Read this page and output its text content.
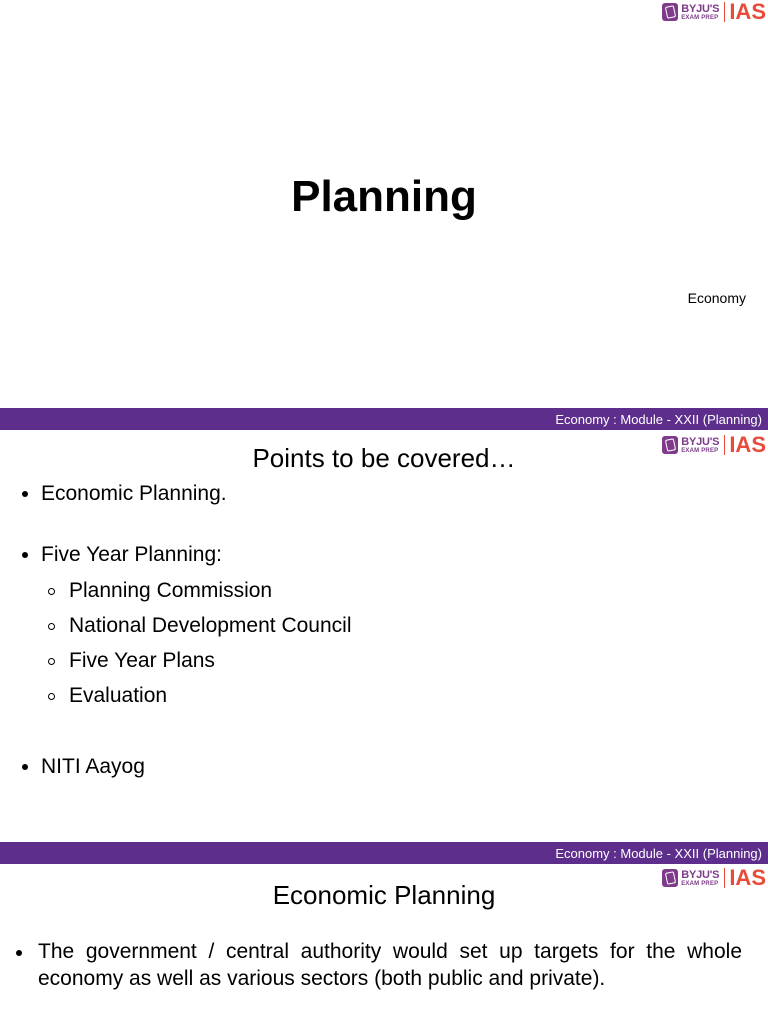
BYJU'S
EXAM PREP IAS
Planning
Economy
Economy : Module - XXII (Planning)
BYJU'S
EXAM PREP IAS
Points to be covered…
Economic Planning.
Five Year Planning:
Planning Commission
National Development Council
Five Year Plans
Evaluation
NITI Aayog
Economy : Module - XXII (Planning)
BYJU'S
EXAM PREP IAS
Economic Planning
The government / central authority would set up targets for the whole economy as well as various sectors (both public and private).
